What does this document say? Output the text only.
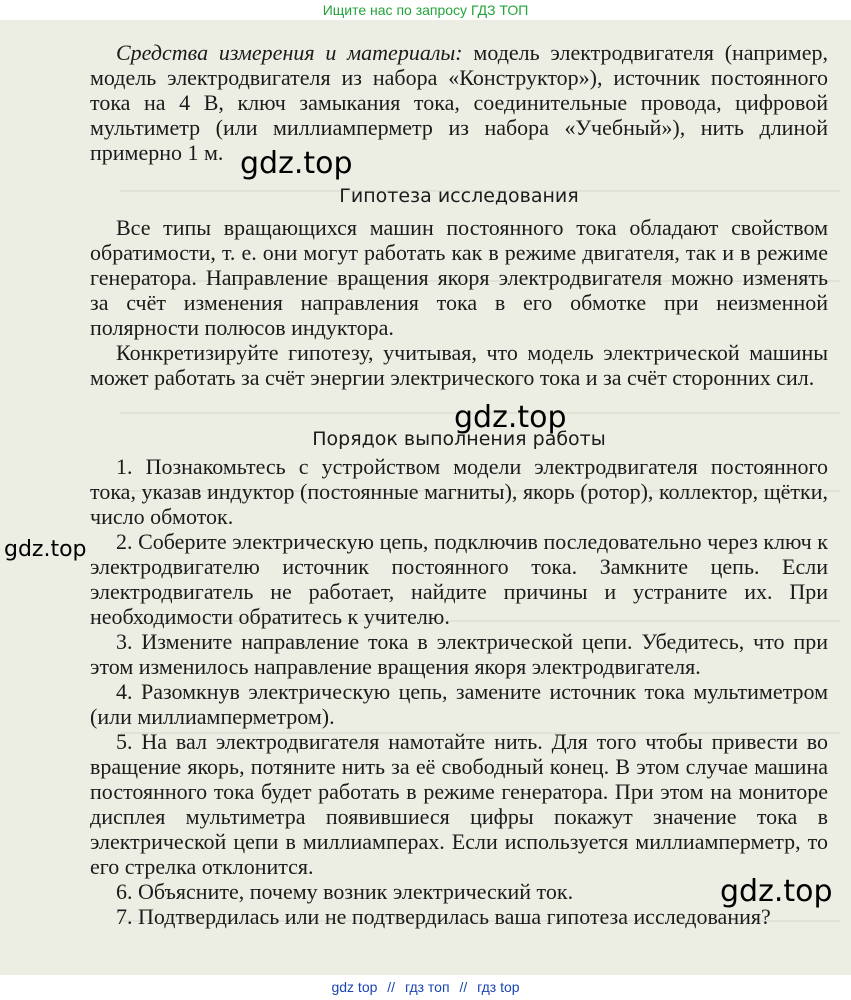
Ищите нас по запросу ГДЗ ТОП

Средства измерения и материалы: модель электродвигателя (например, модель электродвигателя из набора «Конструктор»), источник постоянного тока на 4 В, ключ замыкания тока, соединительные провода, цифровой мультиметр (или миллиамперметр из набора «Учебный»), нить длиной примерно 1 м.

Гипотеза исследования

Все типы вращающихся машин постоянного тока обладают свойством обратимости, т. е. они могут работать как в режиме двигателя, так и в режиме генератора. Направление вращения якоря электродвигателя можно изменять за счёт изменения направления тока в его обмотке при неизменной полярности полюсов индуктора.

Конкретизируйте гипотезу, учитывая, что модель электрической машины может работать за счёт энергии электрического тока и за счёт сторонних сил.

Порядок выполнения работы

1. Познакомьтесь с устройством модели электродвигателя постоянного тока, указав индуктор (постоянные магниты), якорь (ротор), коллектор, щётки, число обмоток.
2. Соберите электрическую цепь, подключив последовательно через ключ к электродвигателю источник постоянного тока. Замкните цепь. Если электродвигатель не работает, найдите причины и устраните их. При необходимости обратитесь к учителю.
3. Измените направление тока в электрической цепи. Убедитесь, что при этом изменилось направление вращения якоря электродвигателя.
4. Разомкнув электрическую цепь, замените источник тока мультиметром (или миллиамперметром).
5. На вал электродвигателя намотайте нить. Для того чтобы привести во вращение якорь, потяните нить за её свободный конец. В этом случае машина постоянного тока будет работать в режиме генератора. При этом на мониторе дисплея мультиметра появившиеся цифры покажут значение тока в электрической цепи в миллиамперах. Если используется миллиамперметр, то его стрелка отклонится.
6. Объясните, почему возник электрический ток.
7. Подтвердилась или не подтвердилась ваша гипотеза исследования?
gdz.top
gdz.top
gdz.top
gdz.top
gdz top // гдз топ // гдз top
